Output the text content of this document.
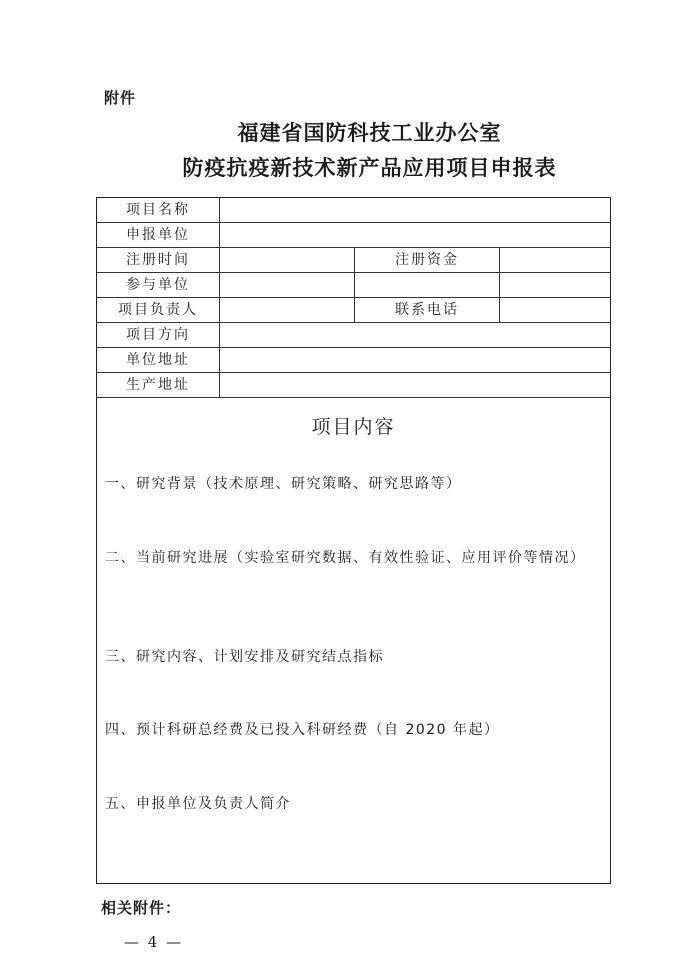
附件
福建省国防科技工业办公室
防疫抗疫新技术新产品应用项目申报表
项目名称
申报单位
注册时间	注册资金
参与单位
项目负责人	联系电话
项目方向
单位地址
生产地址
项目内容
一、研究背景（技术原理、研究策略、研究思路等）
二、当前研究进展（实验室研究数据、有效性验证、应用评价等情况）
三、研究内容、计划安排及研究结点指标
四、预计科研总经费及已投入科研经费（自 2020 年起）
五、申报单位及负责人简介
相关附件：
— 4 —
